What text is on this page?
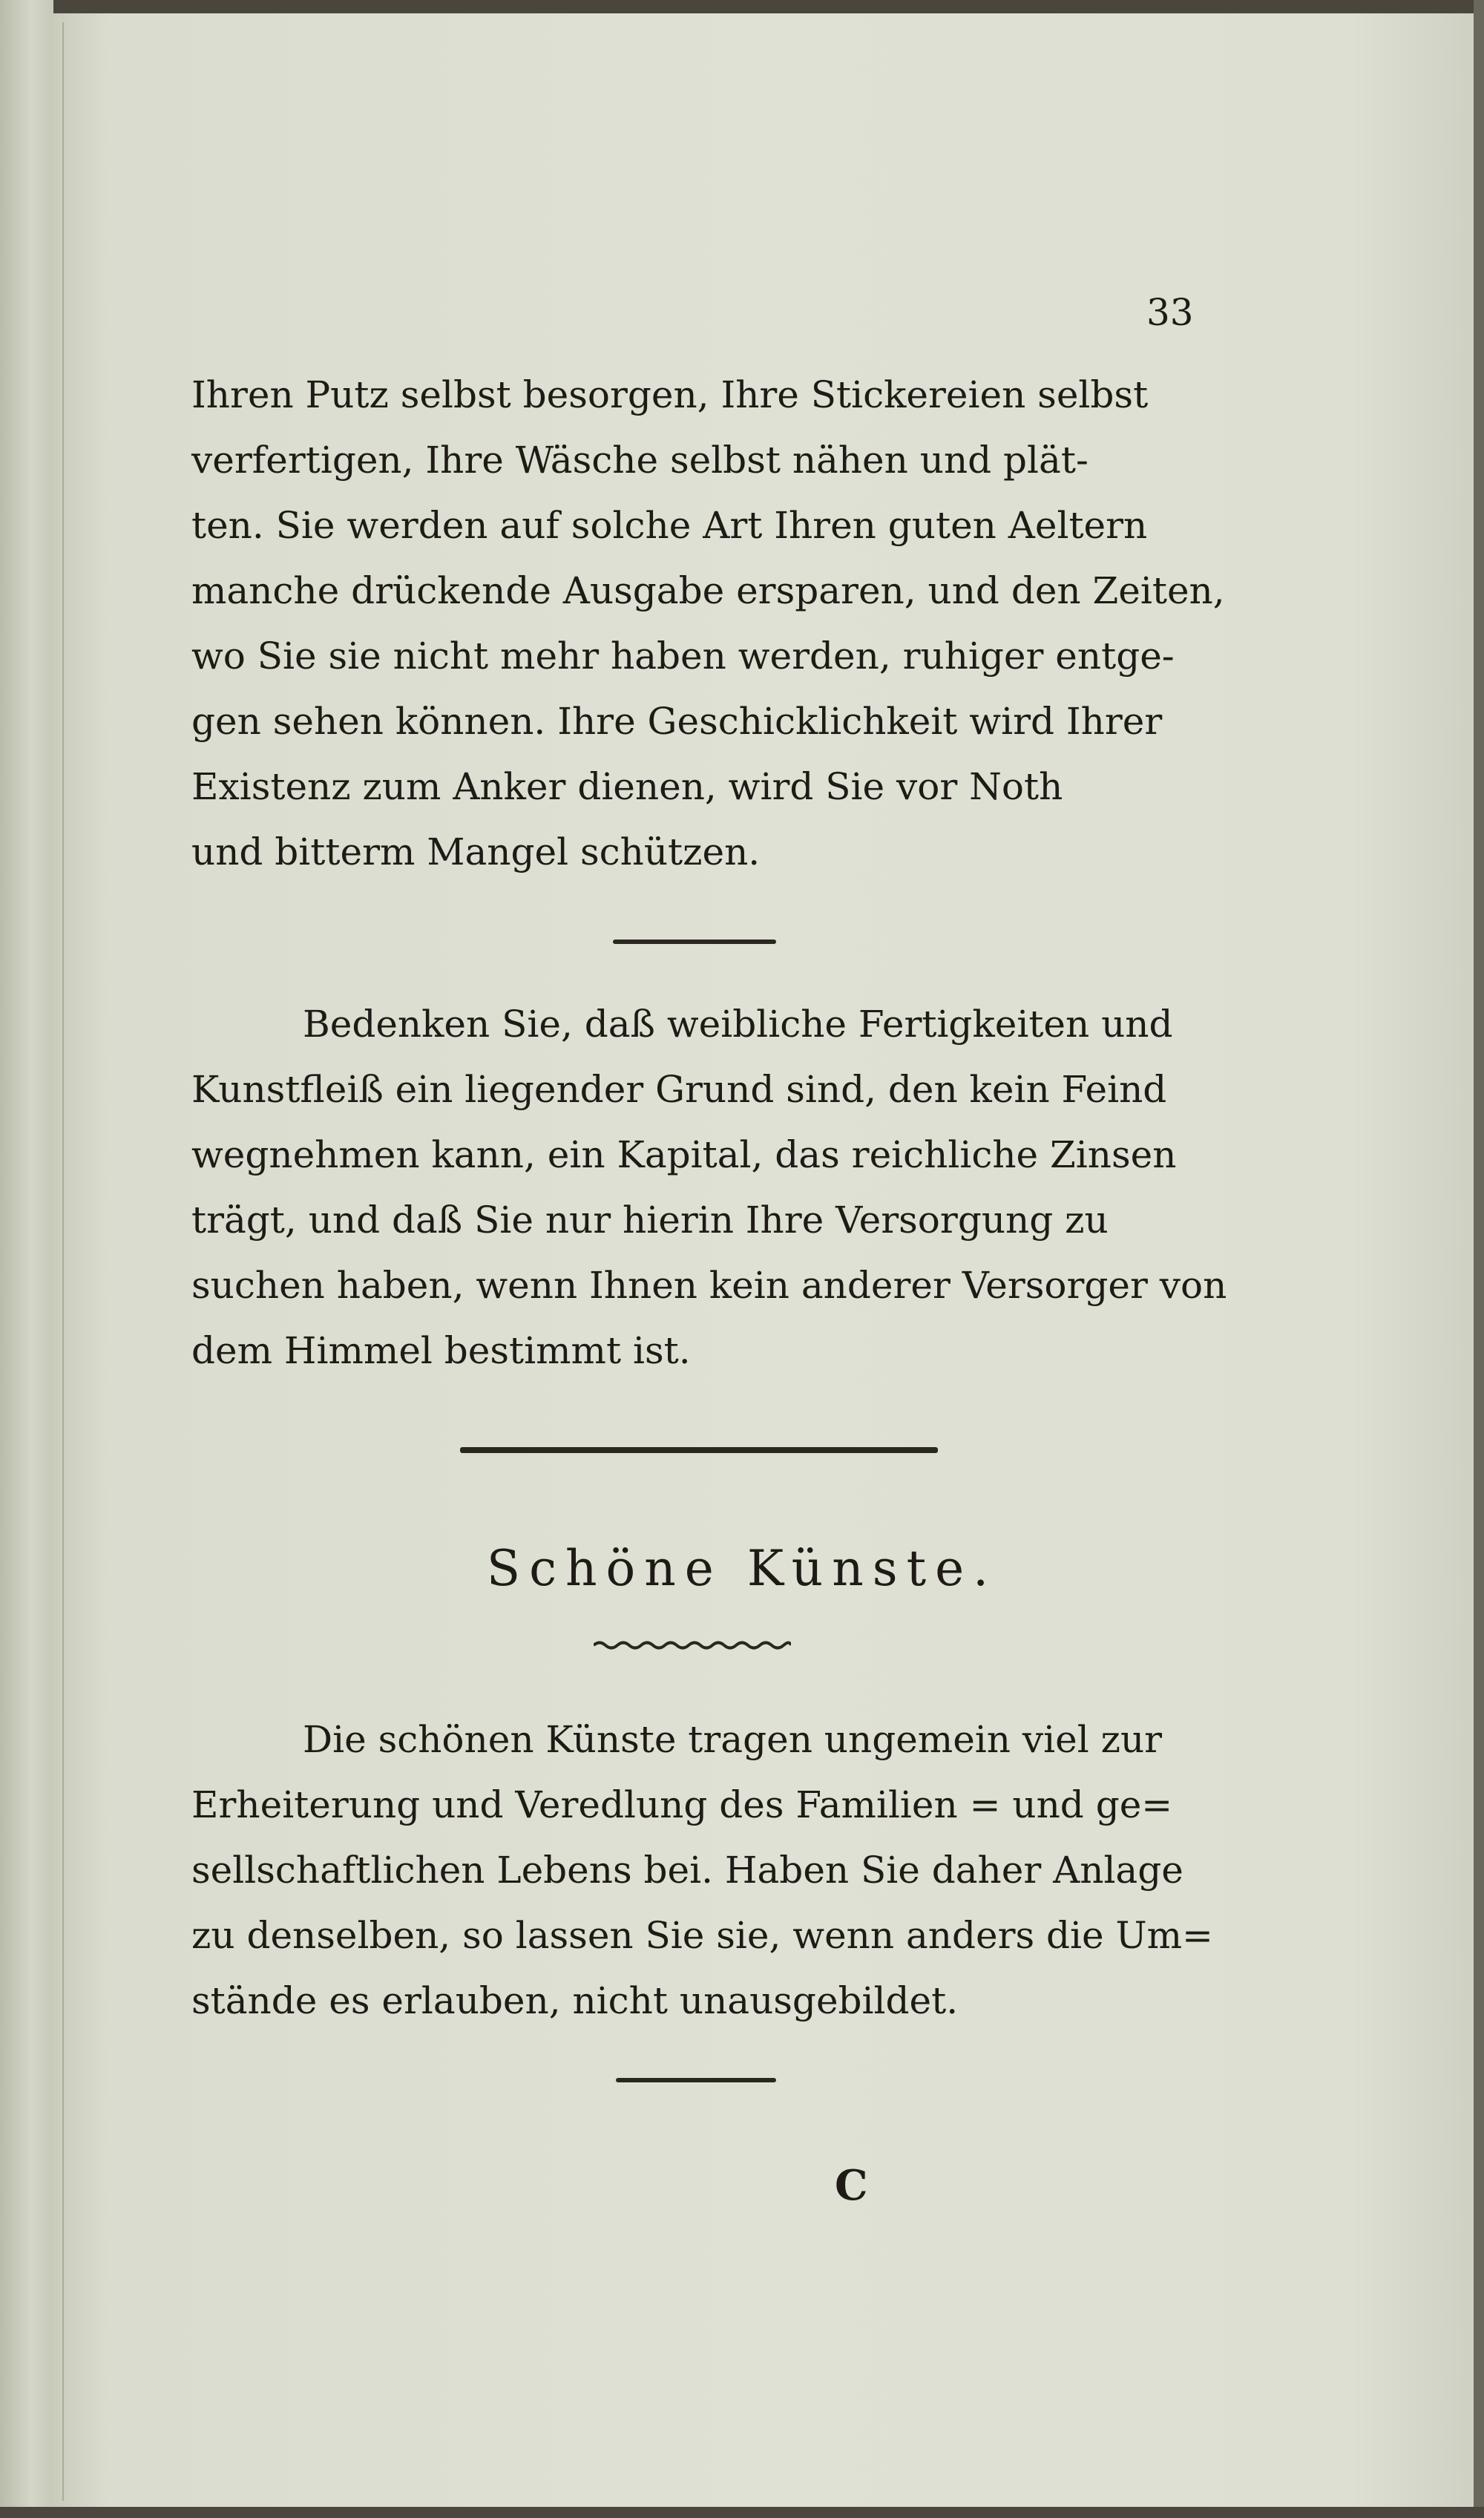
33
Ihren Putz selbst besorgen, Ihre Stickereien selbst
verfertigen, Ihre Wäsche selbst nähen und plät-
ten. Sie werden auf solche Art Ihren guten Aeltern
manche drückende Ausgabe ersparen, und den Zeiten,
wo Sie sie nicht mehr haben werden, ruhiger entge-
gen sehen können. Ihre Geschicklichkeit wird Ihrer
Existenz zum Anker dienen, wird Sie vor Noth
und bitterm Mangel schützen.
Bedenken Sie, daß weibliche Fertigkeiten und
Kunstfleiß ein liegender Grund sind, den kein Feind
wegnehmen kann, ein Kapital, das reichliche Zinsen
trägt, und daß Sie nur hierin Ihre Versorgung zu
suchen haben, wenn Ihnen kein anderer Versorger von
dem Himmel bestimmt ist.
Schöne Künste.
Die schönen Künste tragen ungemein viel zur
Erheiterung und Veredlung des Familien = und ge=
sellschaftlichen Lebens bei. Haben Sie daher Anlage
zu denselben, so lassen Sie sie, wenn anders die Um=
stände es erlauben, nicht unausgebildet.
C
